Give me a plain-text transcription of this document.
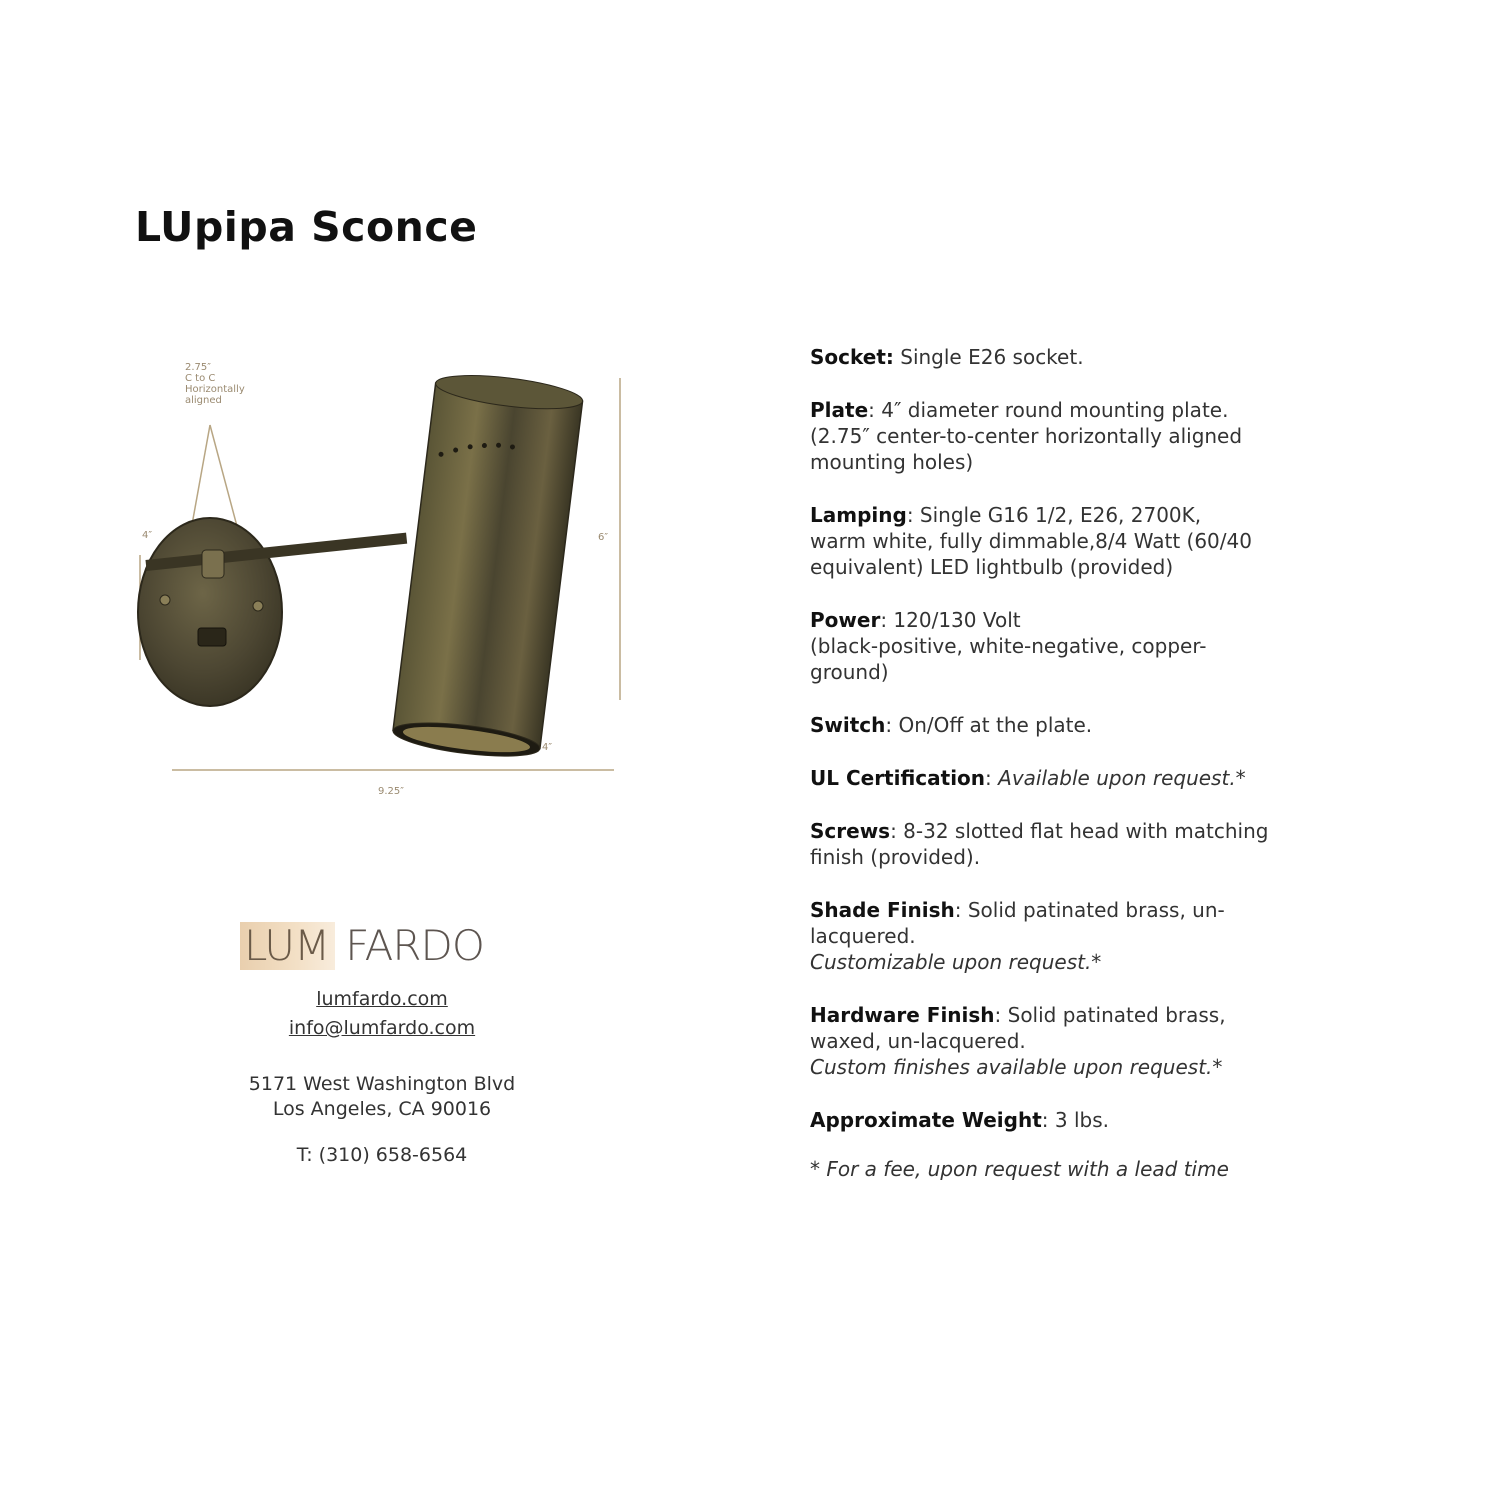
LUpipa Sconce
2.75″
C to C
Horizontally
aligned
4″	6″
4″
9.25″
LUM FARDO
lumfardo.com
info@lumfardo.com
5171 West Washington Blvd
Los Angeles, CA 90016
T: (310) 658-6564
Socket: Single E26 socket.
Plate: 4″ diameter round mounting plate.
(2.75″ center-to-center horizontally aligned
mounting holes)
Lamping: Single G16 1/2, E26, 2700K,
warm white, fully dimmable,8/4 Watt (60/40
equivalent) LED lightbulb (provided)
Power: 120/130 Volt
(black-positive, white-negative, copper-ground)
Switch: On/Off at the plate.
UL Certification: Available upon request.*
Screws: 8-32 slotted flat head with matching
finish (provided).
Shade Finish: Solid patinated brass, un-
lacquered.
Customizable upon request.*
Hardware Finish: Solid patinated brass,
waxed, un-lacquered.
Custom finishes available upon request.*
Approximate Weight: 3 lbs.
* For a fee, upon request with a lead time
